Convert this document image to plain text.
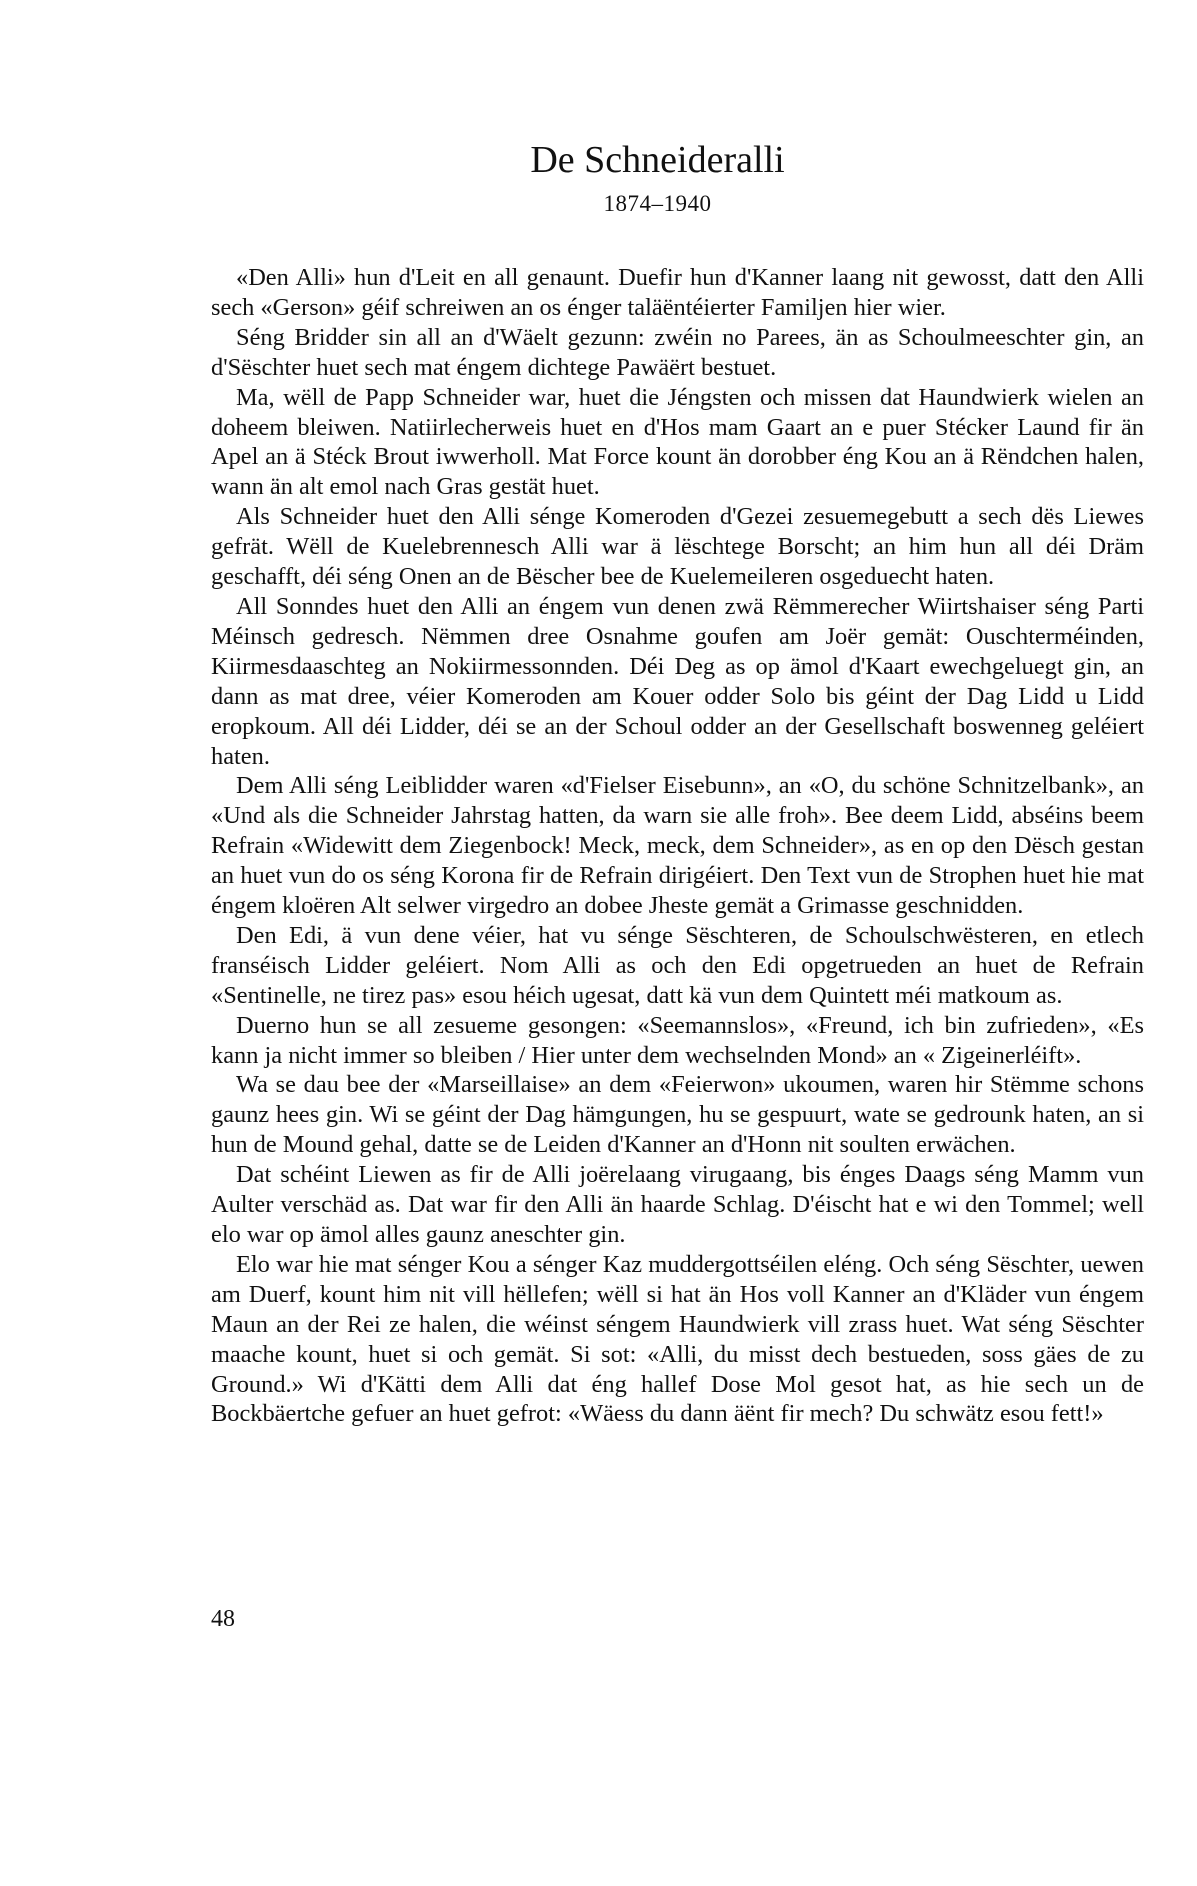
De Schneideralli
1874–1940

«Den Alli» hun d'Leit en all genaunt. Duefir hun d'Kanner laang nit gewosst, datt den Alli sech «Gerson» géif schreiwen an os énger taläëntéierter Familjen hier wier.

Séng Bridder sin all an d'Wäelt gezunn: zwéin no Parees, än as Schoulmeeschter gin, an d'Sëschter huet sech mat éngem dichtege Pawäërt bestuet.

Ma, wëll de Papp Schneider war, huet die Jéngsten och missen dat Haundwierk wielen an doheem bleiwen. Natiirlecherweis huet en d'Hos mam Gaart an e puer Stécker Laund fir än Apel an ä Stéck Brout iwwerholl. Mat Force kount än dorobber éng Kou an ä Rëndchen halen, wann än alt emol nach Gras gestät huet.

Als Schneider huet den Alli sénge Komeroden d'Gezei zesuemegebutt a sech dës Liewes gefrät. Wëll de Kuelebrennesch Alli war ä lëschtege Borscht; an him hun all déi Dräm geschafft, déi séng Onen an de Bëscher bee de Kuelemeileren osgeduecht haten.

All Sonndes huet den Alli an éngem vun denen zwä Rëmmerecher Wiirtshaiser séng Parti Méinsch gedresch. Nëmmen dree Osnahme goufen am Joër gemät: Ouschterméinden, Kiirmesdaaschteg an Nokiirmessonnden. Déi Deg as op ämol d'Kaart ewechgeluegt gin, an dann as mat dree, véier Komeroden am Kouer odder Solo bis géint der Dag Lidd u Lidd eropkoum. All déi Lidder, déi se an der Schoul odder an der Gesellschaft boswenneg geléiert haten.

Dem Alli séng Leiblidder waren «d'Fielser Eisebunn», an «O, du schöne Schnitzelbank», an «Und als die Schneider Jahrstag hatten, da warn sie alle froh». Bee deem Lidd, abséins beem Refrain «Widewitt dem Ziegenbock! Meck, meck, dem Schneider», as en op den Dësch gestan an huet vun do os séng Korona fir de Refrain dirigéiert. Den Text vun de Strophen huet hie mat éngem kloëren Alt selwer virgedro an dobee Jheste gemät a Grimasse geschnidden.

Den Edi, ä vun dene véier, hat vu sénge Sëschteren, de Schoulschwësteren, en etlech franséisch Lidder geléiert. Nom Alli as och den Edi opgetrueden an huet de Refrain «Sentinelle, ne tirez pas» esou héich ugesat, datt kä vun dem Quintett méi matkoum as.

Duerno hun se all zesueme gesongen: «Seemannslos», «Freund, ich bin zufrieden», «Es kann ja nicht immer so bleiben / Hier unter dem wechselnden Mond» an « Zigeinerléift».

Wa se dau bee der «Marseillaise» an dem «Feierwon» ukoumen, waren hir Stëmme schons gaunz hees gin. Wi se géint der Dag hämgungen, hu se gespuurt, wate se gedrounk haten, an si hun de Mound gehal, datte se de Leiden d'Kanner an d'Honn nit soulten erwächen.

Dat schéint Liewen as fir de Alli joërelaang virugaang, bis énges Daags séng Mamm vun Aulter verschäd as. Dat war fir den Alli än haarde Schlag. D'éischt hat e wi den Tommel; well elo war op ämol alles gaunz aneschter gin.

Elo war hie mat sénger Kou a sénger Kaz muddergottséilen eléng. Och séng Sëschter, uewen am Duerf, kount him nit vill hëllefen; wëll si hat än Hos voll Kanner an d'Kläder vun éngem Maun an der Rei ze halen, die wéinst séngem Haundwierk vill zrass huet. Wat séng Sëschter maache kount, huet si och gemät. Si sot: «Alli, du misst dech bestueden, soss gäes de zu Ground.» Wi d'Kätti dem Alli dat éng hallef Dose Mol gesot hat, as hie sech un de Bockbäertche gefuer an huet gefrot: «Wäess du dann äënt fir mech? Du schwätz esou fett!»

48
